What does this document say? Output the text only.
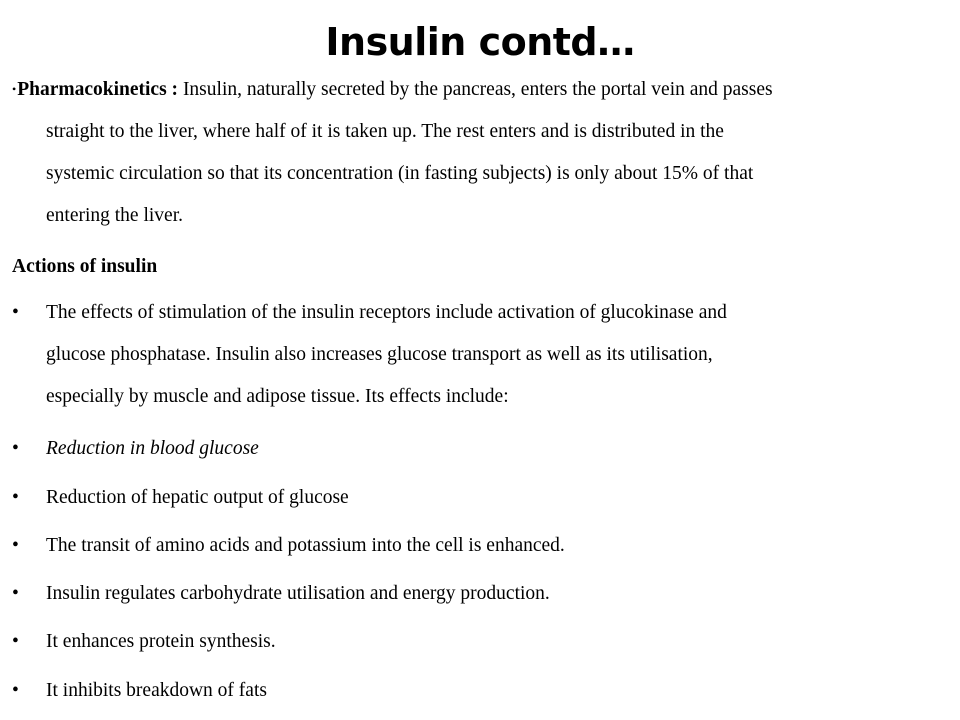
Insulin contd…
•Pharmacokinetics : Insulin, naturally secreted by the pancreas, enters the portal vein and passes
straight to the liver, where half of it is taken up. The rest enters and is distributed in the
systemic circulation so that its concentration (in fasting subjects) is only about 15% of that
entering the liver.
Actions of insulin
• The effects of stimulation of the insulin receptors include activation of glucokinase and
glucose phosphatase. Insulin also increases glucose transport as well as its utilisation,
especially by muscle and adipose tissue. Its effects include:
• Reduction in blood glucose
• Reduction of hepatic output of glucose
• The transit of amino acids and potassium into the cell is enhanced.
• Insulin regulates carbohydrate utilisation and energy production.
• It enhances protein synthesis.
• It inhibits breakdown of fats
